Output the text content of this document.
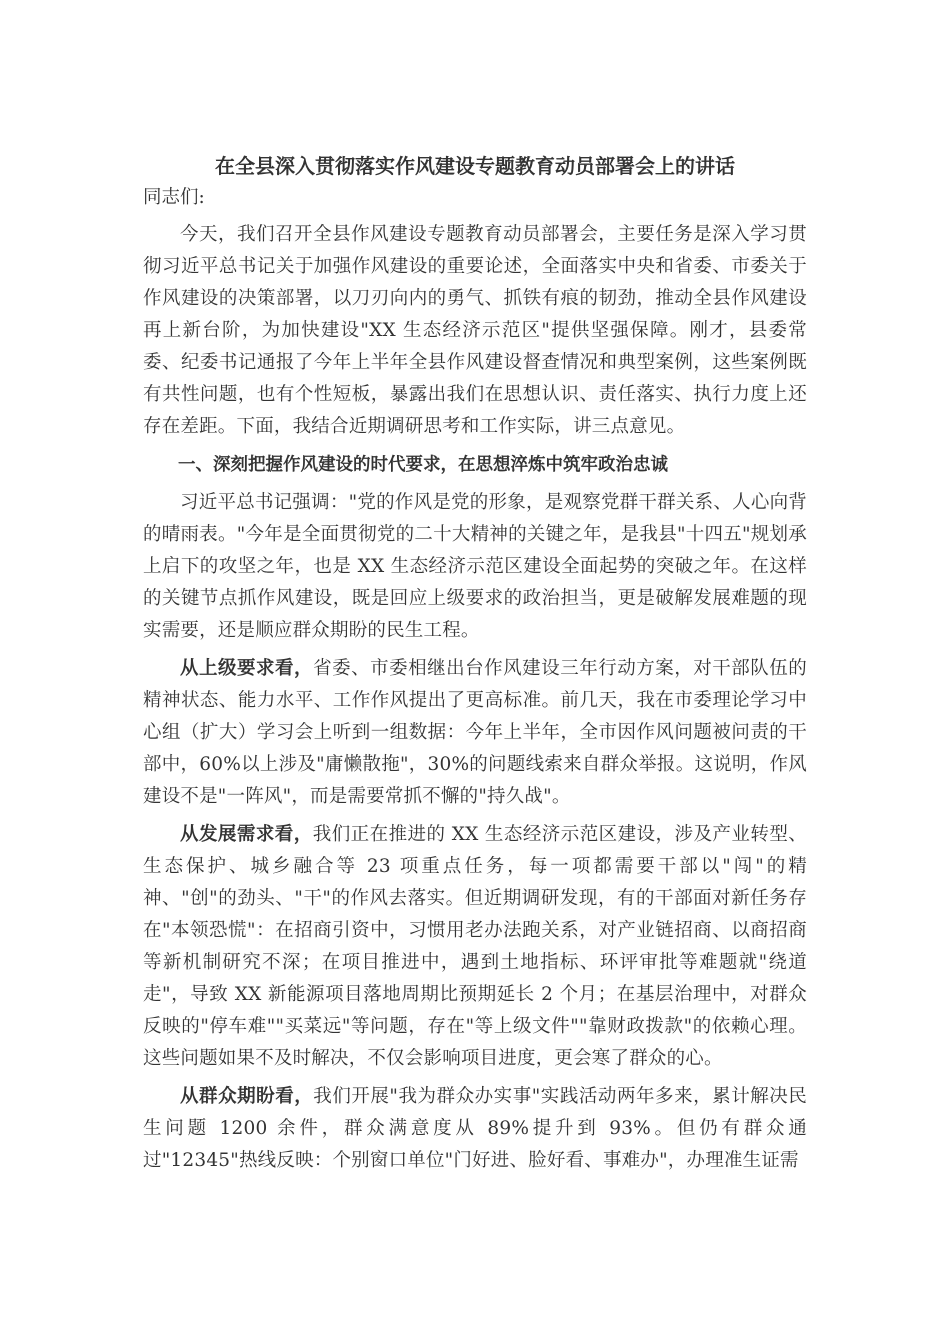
在全县深入贯彻落实作风建设专题教育动员部署会上的讲话

同志们:

今天，我们召开全县作风建设专题教育动员部署会，主要任务是深入学习贯彻习近平总书记关于加强作风建设的重要论述，全面落实中央和省委、市委关于作风建设的决策部署，以刀刃向内的勇气、抓铁有痕的韧劲，推动全县作风建设再上新台阶，为加快建设"XX 生态经济示范区"提供坚强保障。刚才，县委常委、纪委书记通报了今年上半年全县作风建设督查情况和典型案例，这些案例既有共性问题，也有个性短板，暴露出我们在思想认识、责任落实、执行力度上还存在差距。下面，我结合近期调研思考和工作实际，讲三点意见。

一、深刻把握作风建设的时代要求，在思想淬炼中筑牢政治忠诚

习近平总书记强调："党的作风是党的形象，是观察党群干群关系、人心向背的晴雨表。"今年是全面贯彻党的二十大精神的关键之年，是我县"十四五"规划承上启下的攻坚之年，也是 XX 生态经济示范区建设全面起势的突破之年。在这样的关键节点抓作风建设，既是回应上级要求的政治担当，更是破解发展难题的现实需要，还是顺应群众期盼的民生工程。

从上级要求看，省委、市委相继出台作风建设三年行动方案，对干部队伍的精神状态、能力水平、工作作风提出了更高标准。前几天，我在市委理论学习中心组（扩大）学习会上听到一组数据：今年上半年，全市因作风问题被问责的干部中，60%以上涉及"庸懒散拖"，30%的问题线索来自群众举报。这说明，作风建设不是"一阵风"，而是需要常抓不懈的"持久战"。

从发展需求看，我们正在推进的 XX 生态经济示范区建设，涉及产业转型、生态保护、城乡融合等 23 项重点任务，每一项都需要干部以"闯"的精神、"创"的劲头、"干"的作风去落实。但近期调研发现，有的干部面对新任务存在"本领恐慌"：在招商引资中，习惯用老办法跑关系，对产业链招商、以商招商等新机制研究不深；在项目推进中，遇到土地指标、环评审批等难题就"绕道走"，导致 XX 新能源项目落地周期比预期延长 2 个月；在基层治理中，对群众反映的"停车难""买菜远"等问题，存在"等上级文件""靠财政拨款"的依赖心理。这些问题如果不及时解决，不仅会影响项目进度，更会寒了群众的心。

从群众期盼看，我们开展"我为群众办实事"实践活动两年多来，累计解决民生问题 1200 余件，群众满意度从 89%提升到 93%。但仍有群众通过"12345"热线反映：个别窗口单位"门好进、脸好看、事难办"，办理准生证需
